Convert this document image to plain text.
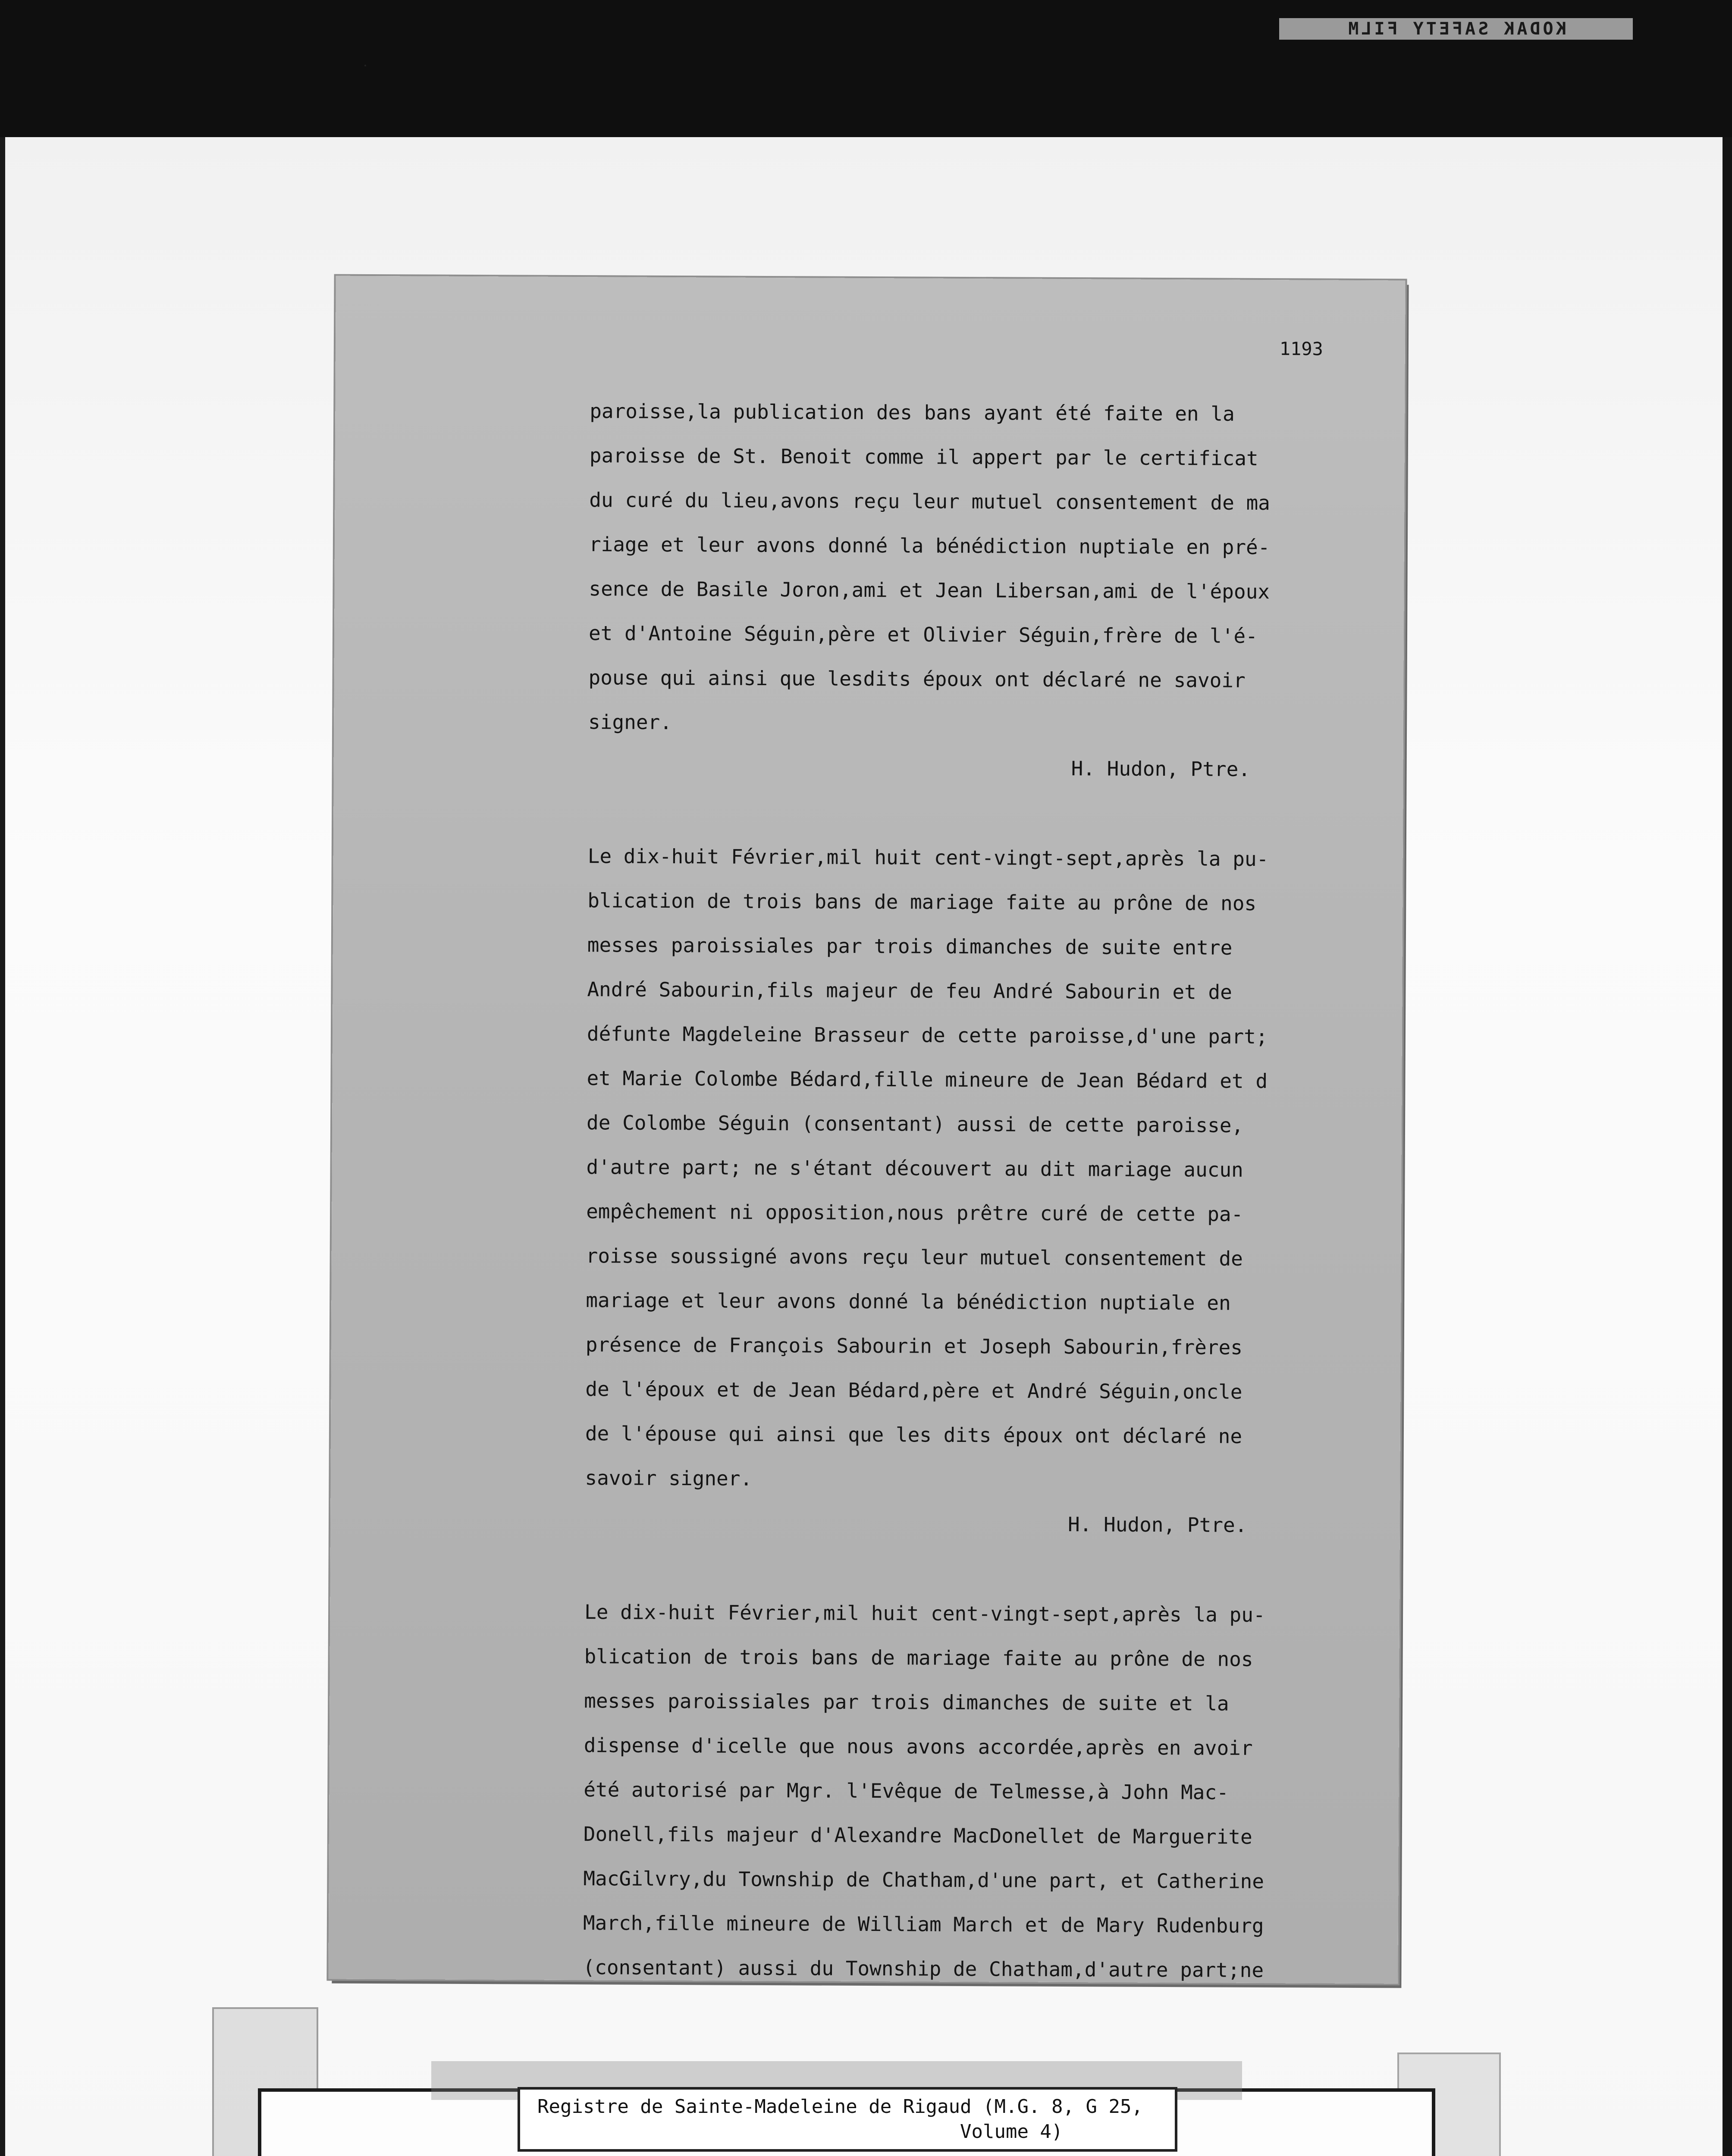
KODAK SAFETY FILM
1193
paroisse,la publication des bans ayant été faite en la
paroisse de St. Benoit comme il appert par le certificat
du curé du lieu,avons reçu leur mutuel consentement de ma
riage et leur avons donné la bénédiction nuptiale en pré-
sence de Basile Joron,ami et Jean Libersan,ami de l'époux
et d'Antoine Séguin,père et Olivier Séguin,frère de l'é-
pouse qui ainsi que lesdits époux ont déclaré ne savoir
signer.
H. Hudon, Ptre.
Le dix-huit Février,mil huit cent-vingt-sept,après la pu-
blication de trois bans de mariage faite au prône de nos
messes paroissiales par trois dimanches de suite entre
André Sabourin,fils majeur de feu André Sabourin et de
défunte Magdeleine Brasseur de cette paroisse,d'une part;
et Marie Colombe Bédard,fille mineure de Jean Bédard et d
de Colombe Séguin (consentant) aussi de cette paroisse,
d'autre part; ne s'étant découvert au dit mariage aucun
empêchement ni opposition,nous prêtre curé de cette pa-
roisse soussigné avons reçu leur mutuel consentement de
mariage et leur avons donné la bénédiction nuptiale en
présence de François Sabourin et Joseph Sabourin,frères
de l'époux et de Jean Bédard,père et André Séguin,oncle
de l'épouse qui ainsi que les dits époux ont déclaré ne
savoir signer.
H. Hudon, Ptre.
Le dix-huit Février,mil huit cent-vingt-sept,après la pu-
blication de trois bans de mariage faite au prône de nos
messes paroissiales par trois dimanches de suite et la
dispense d'icelle que nous avons accordée,après en avoir
été autorisé par Mgr. l'Evêque de Telmesse,à John Mac-
Donell,fils majeur d'Alexandre MacDonellet de Marguerite
MacGilvry,du Township de Chatham,d'une part, et Catherine
March,fille mineure de William March et de Mary Rudenburg
(consentant) aussi du Township de Chatham,d'autre part;ne
Registre de Sainte-Madeleine de Rigaud (M.G. 8, G 25,
Volume 4)
